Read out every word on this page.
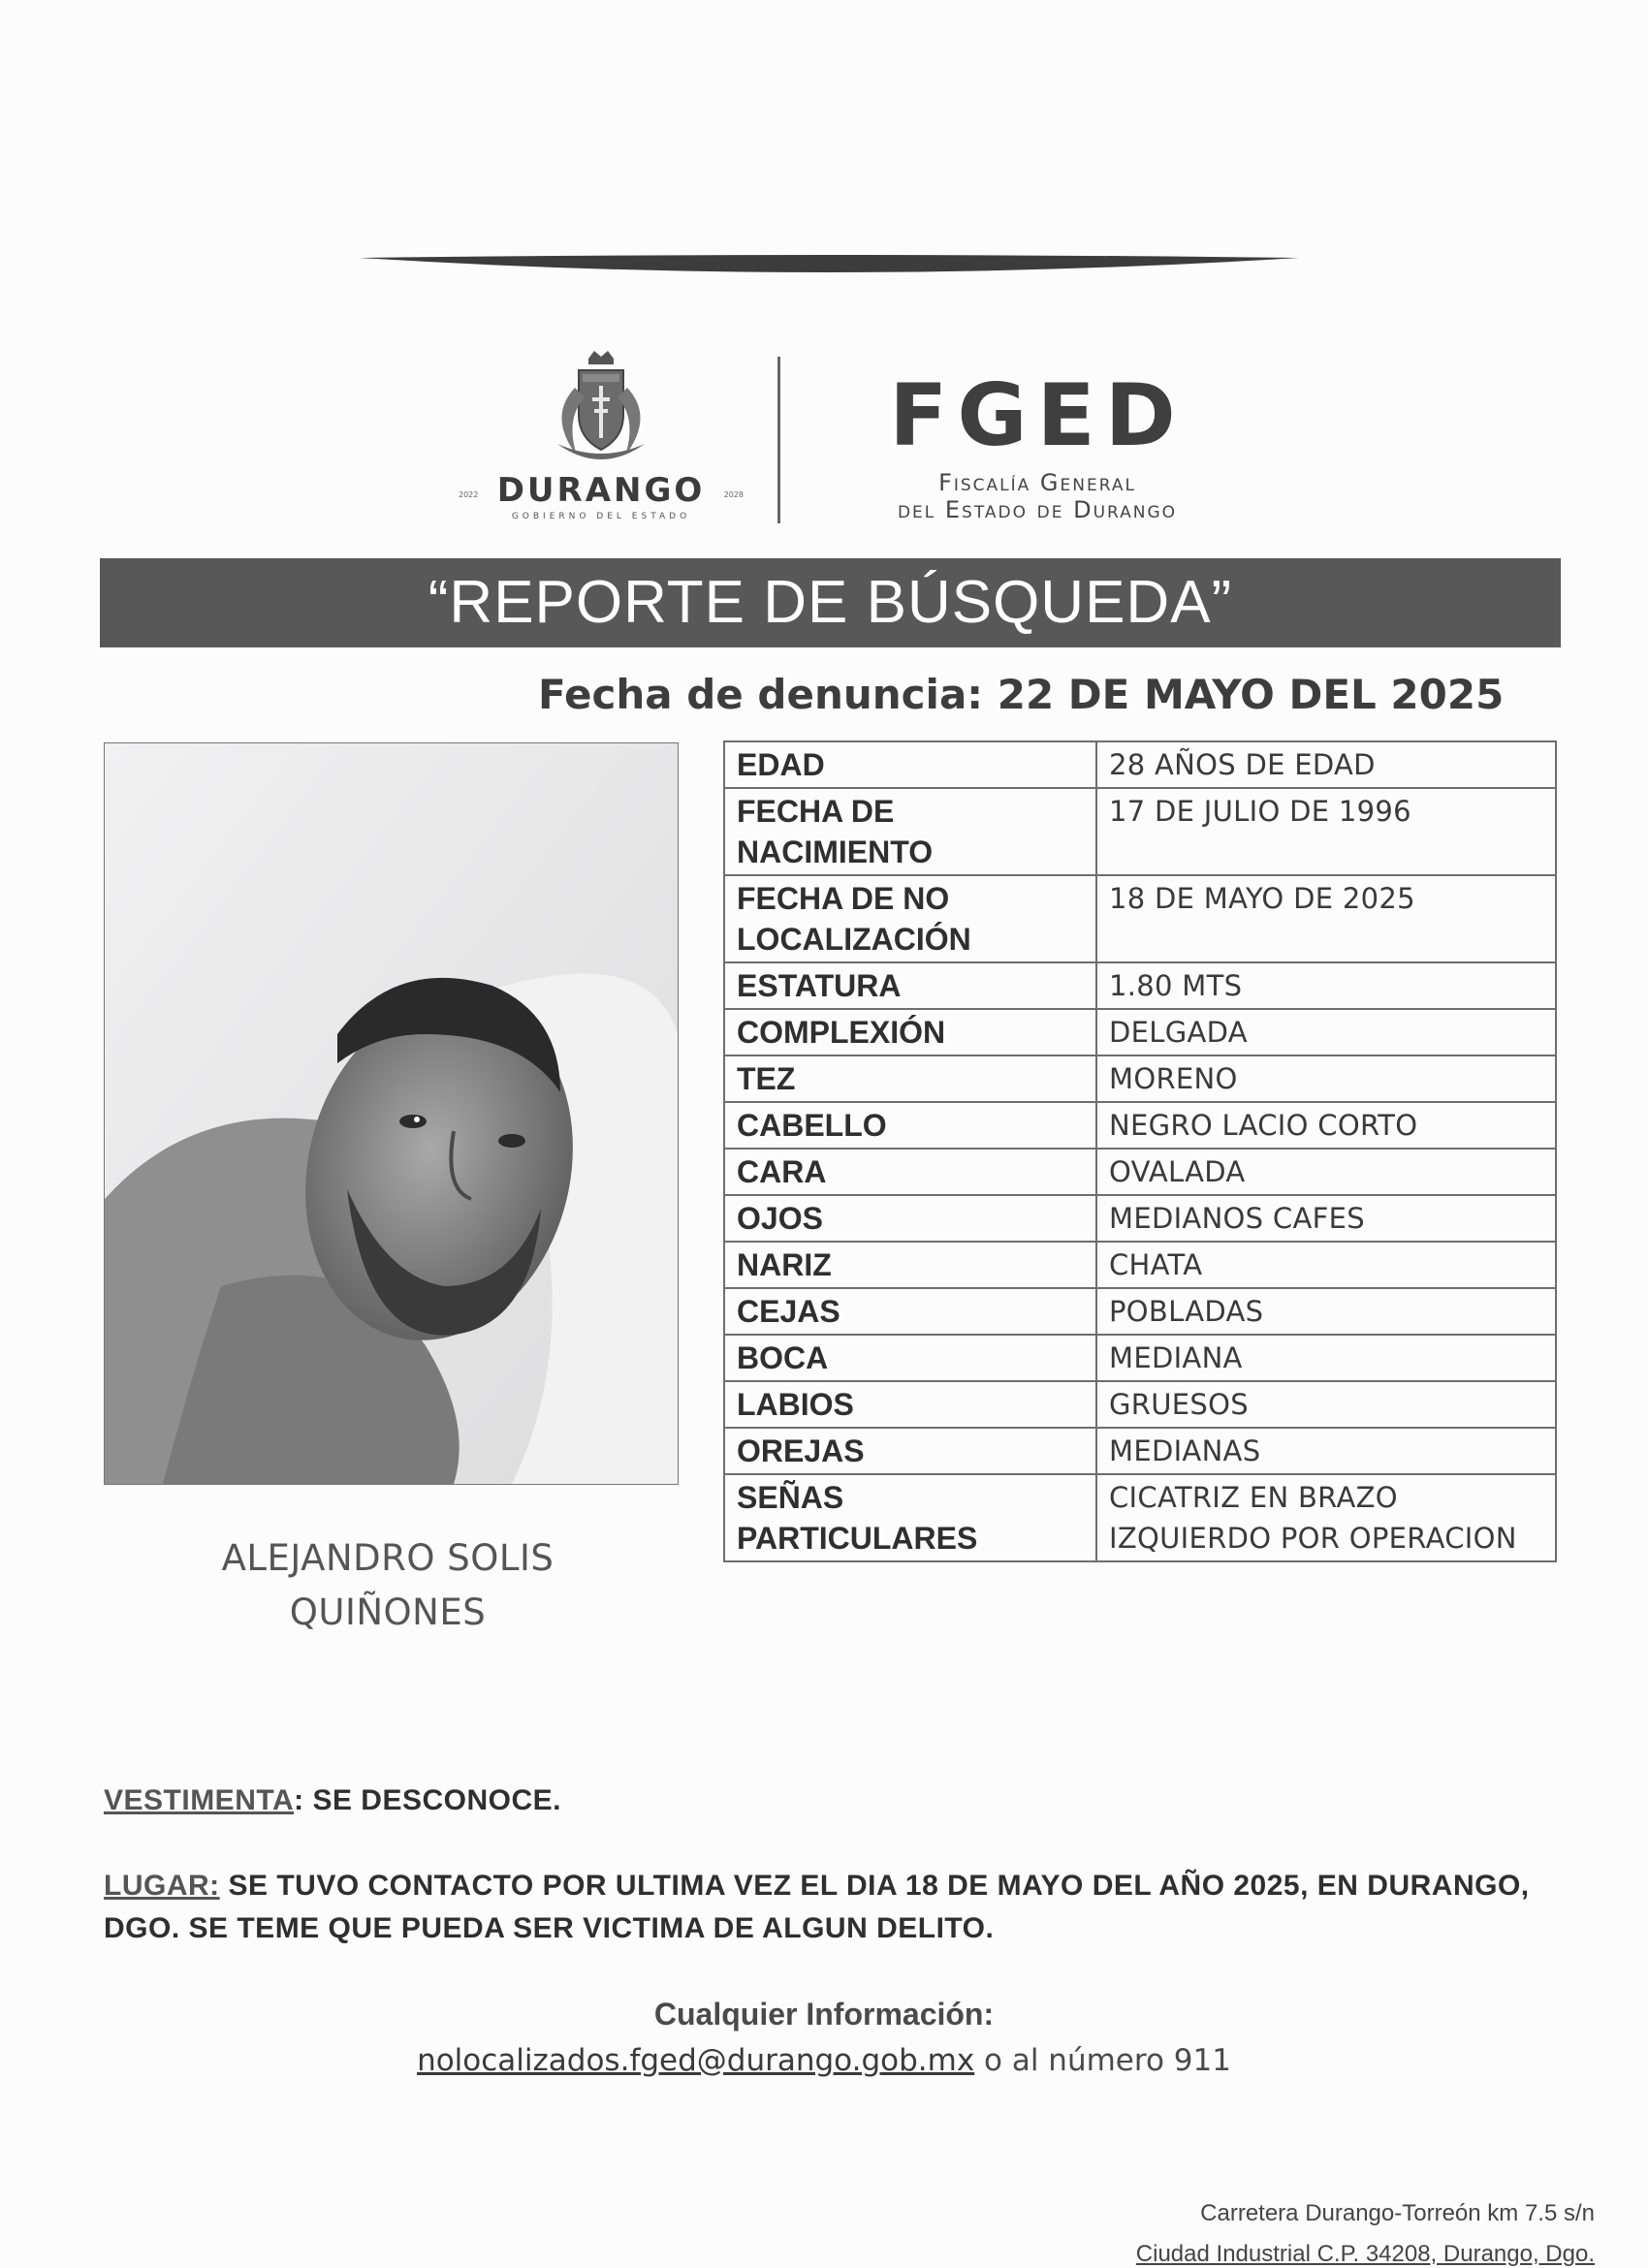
DURANGO
GOBIERNO DEL ESTADO
2022	2028
FGED
Fiscalía General
del Estado de Durango
“REPORTE DE BÚSQUEDA”
Fecha de denuncia: 22 DE MAYO DEL 2025
EDAD	28 AÑOS DE EDAD
FECHA DE NACIMIENTO	17 DE JULIO DE 1996
FECHA DE NO LOCALIZACIÓN	18 DE MAYO DE 2025
ESTATURA	1.80 MTS
COMPLEXIÓN	DELGADA
TEZ	MORENO
CABELLO	NEGRO LACIO CORTO
CARA	OVALADA
OJOS	MEDIANOS CAFES
NARIZ	CHATA
CEJAS	POBLADAS
BOCA	MEDIANA
LABIOS	GRUESOS
OREJAS	MEDIANAS
SEÑAS PARTICULARES	CICATRIZ EN BRAZO IZQUIERDO POR OPERACION
ALEJANDRO SOLIS
QUIÑONES
VESTIMENTA: SE DESCONOCE.
LUGAR: SE TUVO CONTACTO POR ULTIMA VEZ EL DIA 18 DE MAYO DEL AÑO 2025, EN DURANGO, DGO. SE TEME QUE PUEDA SER VICTIMA DE ALGUN DELITO.
Cualquier Información:
nolocalizados.fged@durango.gob.mx o al número 911
Carretera Durango-Torreón km 7.5 s/n
Ciudad Industrial C.P. 34208, Durango, Dgo.
